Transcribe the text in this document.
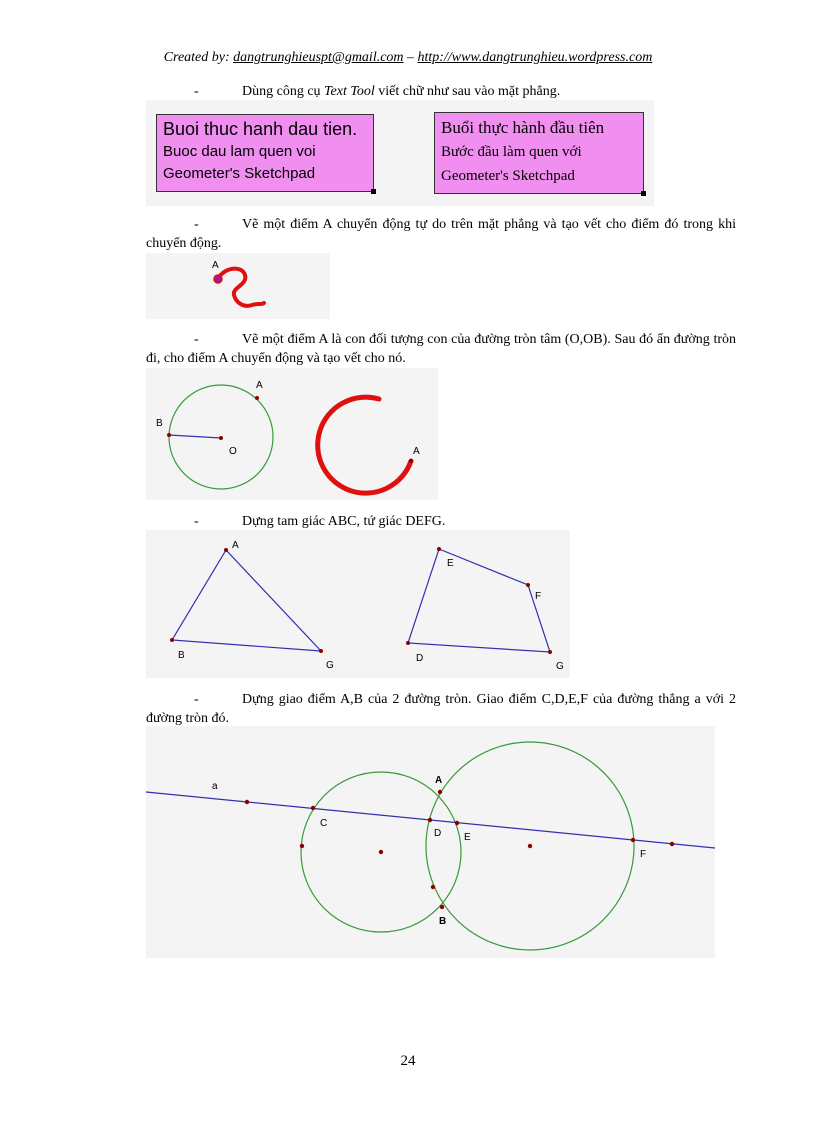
Created by: dangtrunghieuspt@gmail.com – http://www.dangtrunghieu.wordpress.com
-	Dùng công cụ Text Tool viết chữ như sau vào mặt phẳng.
Buoi thuc hanh dau tien.
Buoc dau lam quen voi
Geometer's Sketchpad
Buổi thực hành đầu tiên
Bước đầu làm quen với
Geometer's Sketchpad
-	Vẽ một điểm A chuyển động tự do trên mặt phẳng và tạo vết cho điểm đó trong khi chuyển động.
A
-	Vẽ một điểm A là con đối tượng con của đường tròn tâm (O,OB). Sau đó ẩn đường tròn đi, cho điểm A chuyển động và tạo vết cho nó.
A
B
O	A
-	Dựng tam giác ABC, tứ giác DEFG.
A
B
G
E
F
D
G
-	Dựng giao điểm A,B của 2 đường tròn. Giao điểm C,D,E,F của đường thẳng a với 2 đường tròn đó.
a
A
B
C
D E
F
24
